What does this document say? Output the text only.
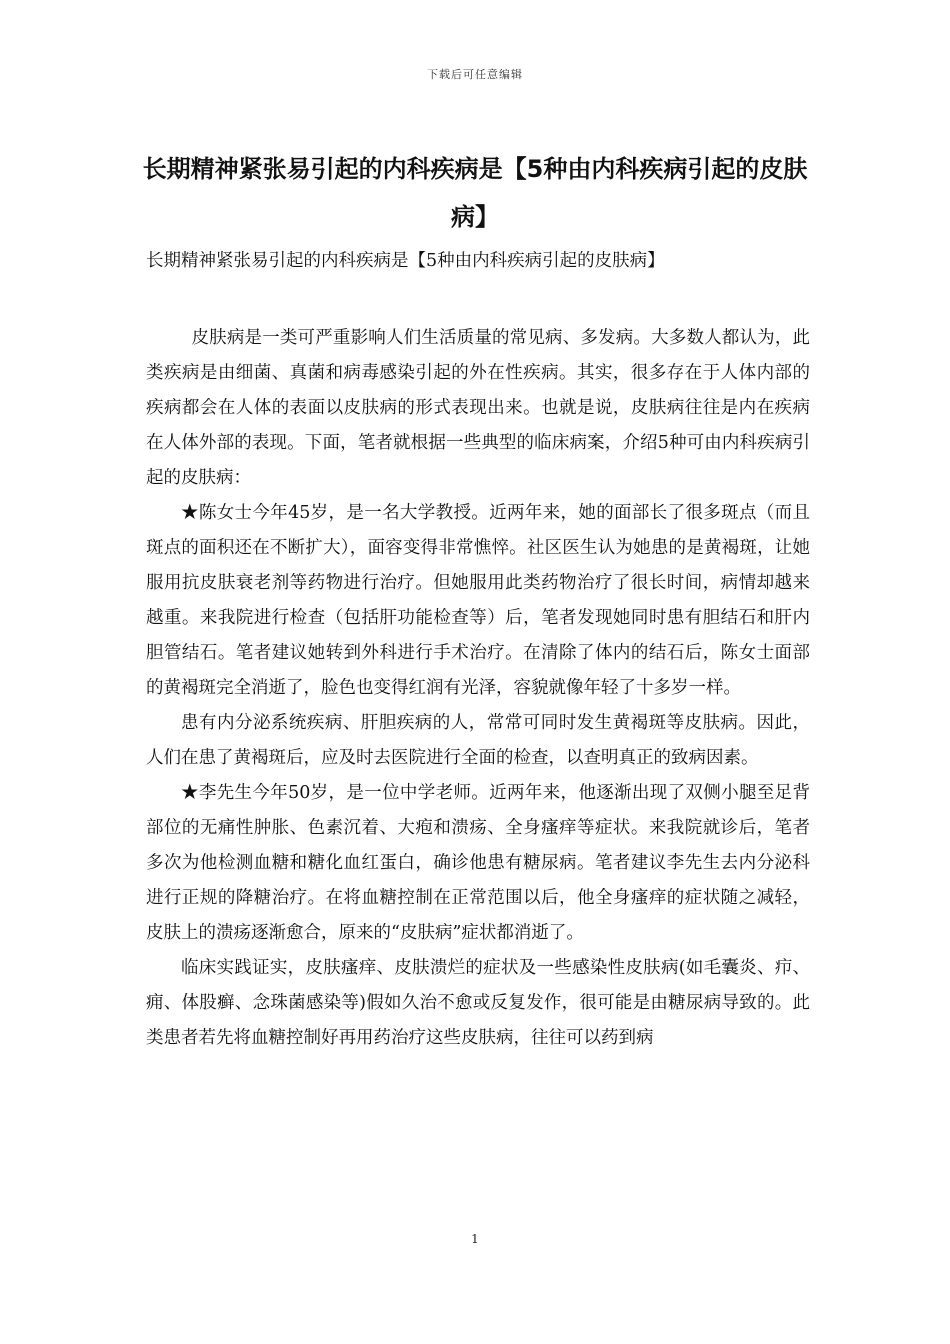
下载后可任意编辑
长期精神紧张易引起的内科疾病是【5种由内科疾病引起的皮肤病】
长期精神紧张易引起的内科疾病是【5种由内科疾病引起的皮肤病】

皮肤病是一类可严重影响人们生活质量的常见病、多发病。大多数人都认为，此类疾病是由细菌、真菌和病毒感染引起的外在性疾病。其实，很多存在于人体内部的疾病都会在人体的表面以皮肤病的形式表现出来。也就是说，皮肤病往往是内在疾病在人体外部的表现。下面，笔者就根据一些典型的临床病案，介绍5种可由内科疾病引起的皮肤病：

★陈女士今年45岁，是一名大学教授。近两年来，她的面部长了很多斑点（而且斑点的面积还在不断扩大），面容变得非常憔悴。社区医生认为她患的是黄褐斑，让她服用抗皮肤衰老剂等药物进行治疗。但她服用此类药物治疗了很长时间，病情却越来越重。来我院进行检查（包括肝功能检查等）后，笔者发现她同时患有胆结石和肝内胆管结石。笔者建议她转到外科进行手术治疗。在清除了体内的结石后，陈女士面部的黄褐斑完全消逝了，脸色也变得红润有光泽，容貌就像年轻了十多岁一样。

患有内分泌系统疾病、肝胆疾病的人，常常可同时发生黄褐斑等皮肤病。因此，人们在患了黄褐斑后，应及时去医院进行全面的检查，以查明真正的致病因素。

★李先生今年50岁，是一位中学老师。近两年来，他逐渐出现了双侧小腿至足背部位的无痛性肿胀、色素沉着、大疱和溃疡、全身瘙痒等症状。来我院就诊后，笔者多次为他检测血糖和糖化血红蛋白，确诊他患有糖尿病。笔者建议李先生去内分泌科进行正规的降糖治疗。在将血糖控制在正常范围以后，他全身瘙痒的症状随之减轻，皮肤上的溃疡逐渐愈合，原来的“皮肤病”症状都消逝了。

临床实践证实，皮肤瘙痒、皮肤溃烂的症状及一些感染性皮肤病(如毛囊炎、疖、痈、体股癣、念珠菌感染等)假如久治不愈或反复发作，很可能是由糖尿病导致的。此类患者若先将血糖控制好再用药治疗这些皮肤病，往往可以药到病

1
